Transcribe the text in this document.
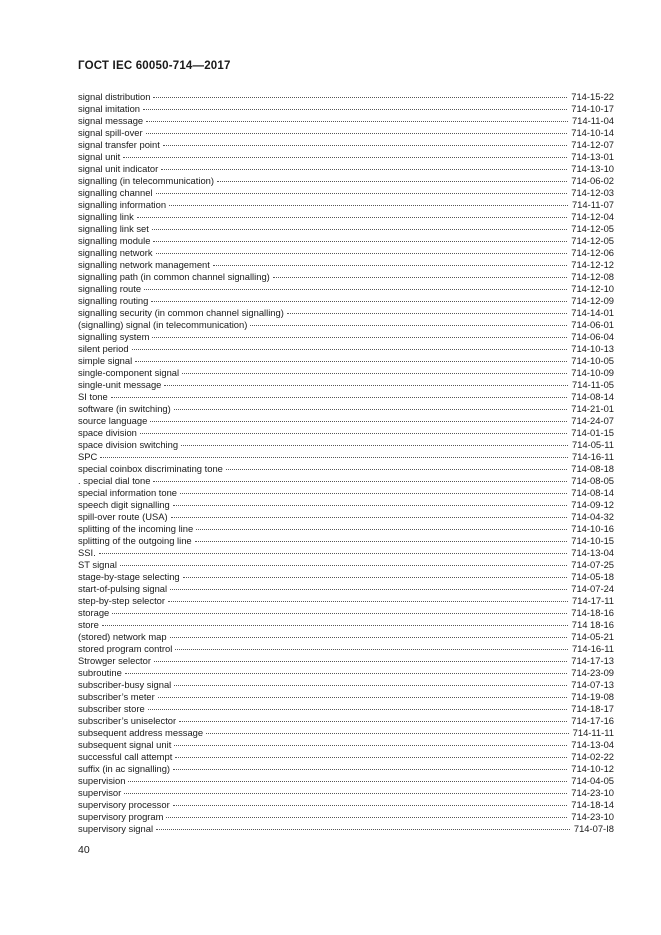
ГОСТ IEC 60050-714—2017
signal distribution	714-15-22
signal imitation	714-10-17
signal message	714-11-04
signal spill-over	714-10-14
signal transfer point	714-12-07
signal unit	714-13-01
signal unit indicator	714-13-10
signalling (in telecommunication)	714-06-02
signalling channel	714-12-03
signalling information	714-11-07
signalling link	714-12-04
signalling link set	714-12-05
signalling module	714-12-05
signalling network	714-12-06
signalling network management	714-12-12
signalling path (in common channel signalling)	714-12-08
signalling route	714-12-10
signalling routing	714-12-09
signalling security (in common channel signalling)	714-14-01
(signalling) signal (in telecommunication)	714-06-01
signalling system	714-06-04
silent period	714-10-13
simple signal	714-10-05
single-component signal	714-10-09
single-unit message	714-11-05
SI tone	714-08-14
software (in switching)	714-21-01
source language	714-24-07
space division	714-01-15
space division switching	714-05-11
SPC	714-16-11
special coinbox discriminating tone	714-08-18
. special dial tone	714-08-05
special information tone	714-08-14
speech digit signalling	714-09-12
spill-over route (USA)	714-04-32
splitting of the incoming line	714-10-16
splitting of the outgoing line	714-10-15
SSI.	714-13-04
ST signal	714-07-25
stage-by-stage selecting	714-05-18
start-of-pulsing signal	714-07-24
step-by-step selector	714-17-11
storage	714-18-16
store	714 18-16
(stored) network map	714-05-21
stored program control	714-16-11
Strowger selector	714-17-13
subroutine	714-23-09
subscriber-busy signal	714-07-13
subscriber’s meter	714-19-08
subscriber store	714-18-17
subscriber’s uniselector	714-17-16
subsequent address message	714-11-11
subsequent signal unit	714-13-04
successful call attempt	714-02-22
suffix (in ac signalling)	714-10-12
supervision	714-04-05
supervisor	714-23-10
supervisory processor	714-18-14
supervisory program	714-23-10
supervisory signal	714-07-I8
40
